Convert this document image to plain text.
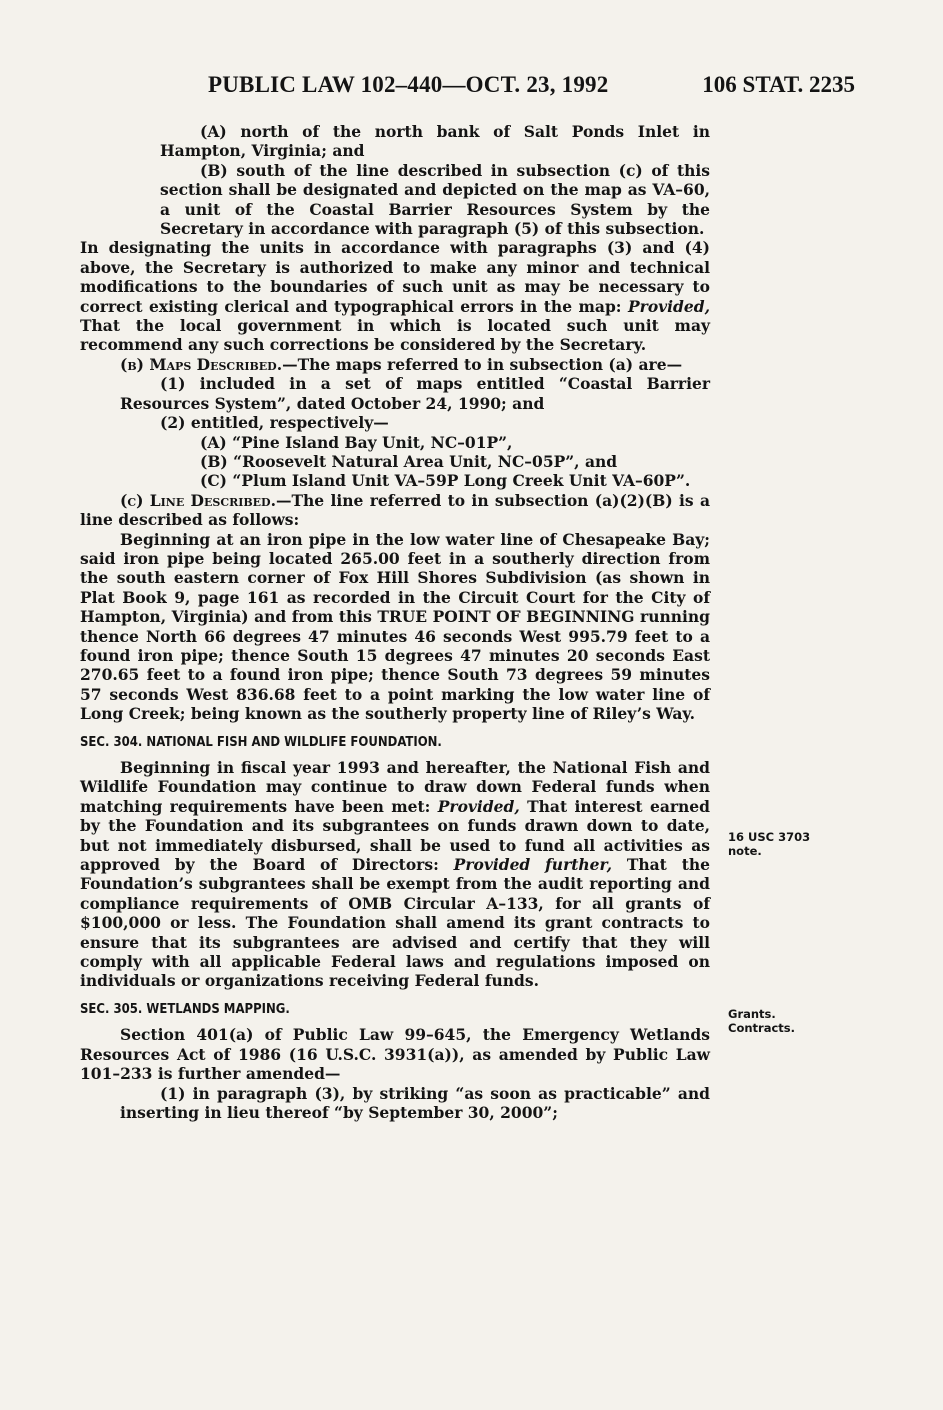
PUBLIC LAW 102–440—OCT. 23, 1992	106 STAT. 2235

(A) north of the north bank of Salt Ponds Inlet in Hampton, Virginia; and

(B) south of the line described in subsection (c) of this section shall be designated and depicted on the map as VA–60, a unit of the Coastal Barrier Resources System by the Secretary in accordance with paragraph (5) of this subsection.

In designating the units in accordance with paragraphs (3) and (4) above, the Secretary is authorized to make any minor and technical modifications to the boundaries of such unit as may be necessary to correct existing clerical and typographical errors in the map: Provided, That the local government in which is located such unit may recommend any such corrections be considered by the Secretary.

(b) Maps Described.—The maps referred to in subsection (a) are—

(1) included in a set of maps entitled “Coastal Barrier Resources System”, dated October 24, 1990; and

(2) entitled, respectively—

(A) “Pine Island Bay Unit, NC–01P”,

(B) “Roosevelt Natural Area Unit, NC–05P”, and

(C) “Plum Island Unit VA–59P Long Creek Unit VA–60P”.

(c) Line Described.—The line referred to in subsection (a)(2)(B) is a line described as follows:

Beginning at an iron pipe in the low water line of Chesapeake Bay; said iron pipe being located 265.00 feet in a southerly direction from the south eastern corner of Fox Hill Shores Subdivision (as shown in Plat Book 9, page 161 as recorded in the Circuit Court for the City of Hampton, Virginia) and from this TRUE POINT OF BEGINNING running thence North 66 degrees 47 minutes 46 seconds West 995.79 feet to a found iron pipe; thence South 15 degrees 47 minutes 20 seconds East 270.65 feet to a found iron pipe; thence South 73 degrees 59 minutes 57 seconds West 836.68 feet to a point marking the low water line of Long Creek; being known as the southerly property line of Riley’s Way.

SEC. 304. NATIONAL FISH AND WILDLIFE FOUNDATION.

Beginning in fiscal year 1993 and hereafter, the National Fish and Wildlife Foundation may continue to draw down Federal funds when matching requirements have been met: Provided, That interest earned by the Foundation and its subgrantees on funds drawn down to date, but not immediately disbursed, shall be used to fund all activities as approved by the Board of Directors: Provided further, That the Foundation’s subgrantees shall be exempt from the audit reporting and compliance requirements of OMB Circular A–133, for all grants of $100,000 or less. The Foundation shall amend its grant contracts to ensure that its subgrantees are advised and certify that they will comply with all applicable Federal laws and regulations imposed on individuals or organizations receiving Federal funds.

SEC. 305. WETLANDS MAPPING.

Section 401(a) of Public Law 99–645, the Emergency Wetlands Resources Act of 1986 (16 U.S.C. 3931(a)), as amended by Public Law 101–233 is further amended—

(1) in paragraph (3), by striking “as soon as practicable” and inserting in lieu thereof “by September 30, 2000”;

16 USC 3703
note.
Grants.
Contracts.
